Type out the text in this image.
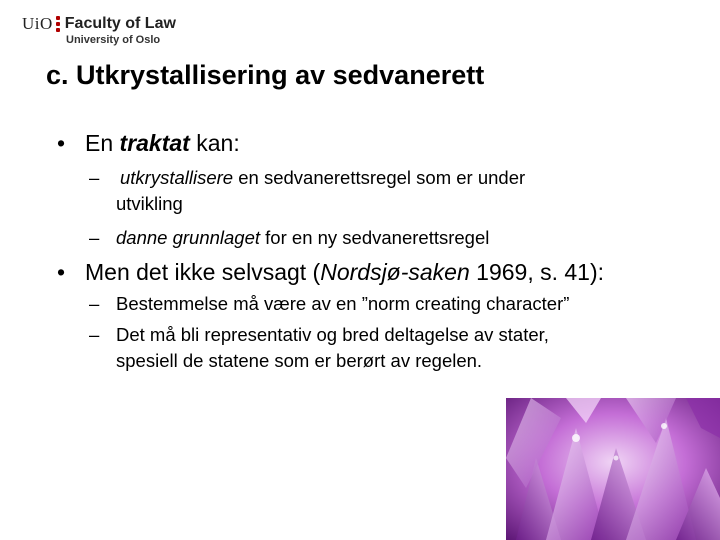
UiO Faculty of Law
University of Oslo
c. Utkrystallisering av sedvanerett
• En traktat kan:
– utkrystallisere en sedvanerettsregel som er under
utvikling
– danne grunnlaget for en ny sedvanerettsregel
• Men det ikke selvsagt (Nordsjø-saken 1969, s. 41):
– Bestemmelse må være av en ”norm creating character”
– Det må bli representativ og bred deltagelse av stater,
spesiell de statene som er berørt av regelen.
